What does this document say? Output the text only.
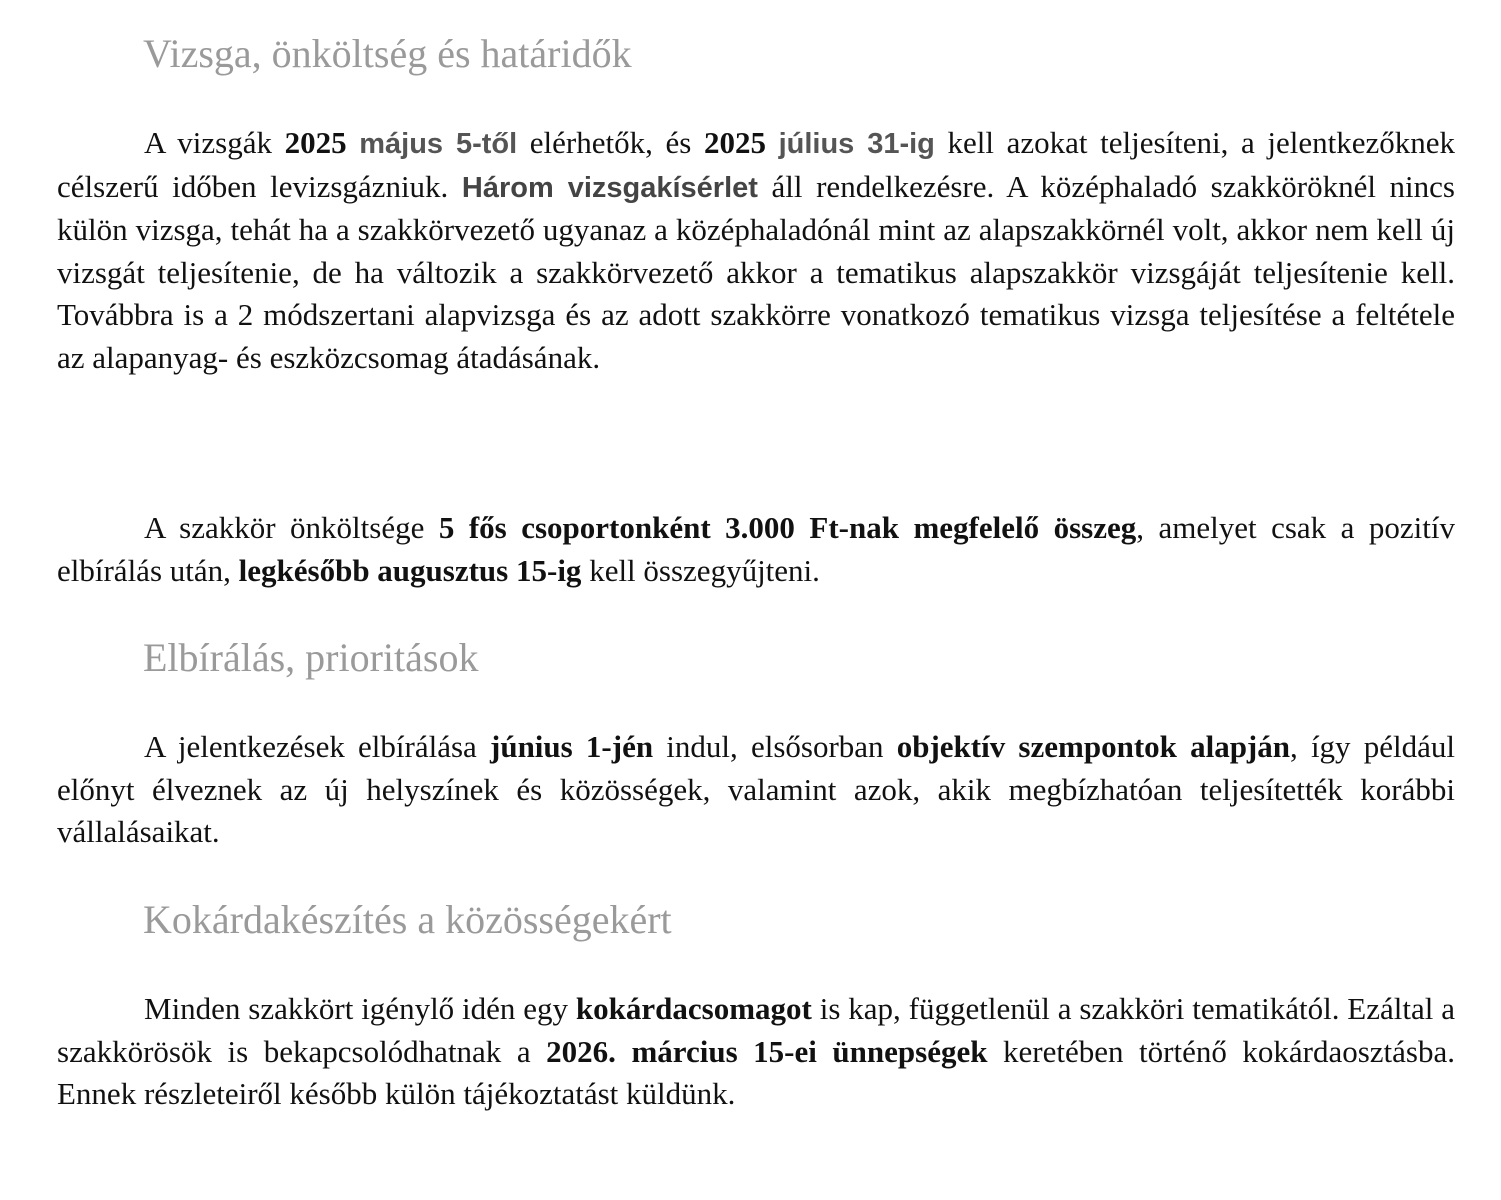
Vizsga, önköltség és határidők

A vizsgák 2025 május 5-től elérhetők, és 2025 július 31-ig kell azokat teljesíteni, a jelentkezőknek célszerű időben levizsgázniuk. Három vizsgakísérlet áll rendelkezésre. A középhaladó szakköröknél nincs külön vizsga, tehát ha a szakkörvezető ugyanaz a középhaladónál mint az alapszakkörnél volt, akkor nem kell új vizsgát teljesítenie, de ha változik a szakkörvezető akkor a tematikus alapszakkör vizsgáját teljesítenie kell. Továbbra is a 2 módszertani alapvizsga és az adott szakkörre vonatkozó tematikus vizsga teljesítése a feltétele az alapanyag- és eszközcsomag átadásának.

A szakkör önköltsége 5 fős csoportonként 3.000 Ft-nak megfelelő összeg, amelyet csak a pozitív elbírálás után, legkésőbb augusztus 15-ig kell összegyűjteni.

Elbírálás, prioritások

A jelentkezések elbírálása június 1-jén indul, elsősorban objektív szempontok alapján, így például előnyt élveznek az új helyszínek és közösségek, valamint azok, akik megbízhatóan teljesítették korábbi vállalásaikat.

Kokárdakészítés a közösségekért

Minden szakkört igénylő idén egy kokárdacsomagot is kap, függetlenül a szakköri tematikától. Ezáltal a szakkörösök is bekapcsolódhatnak a 2026. március 15-ei ünnepségek keretében történő kokárdaosztásba. Ennek részleteiről később külön tájékoztatást küldünk.
